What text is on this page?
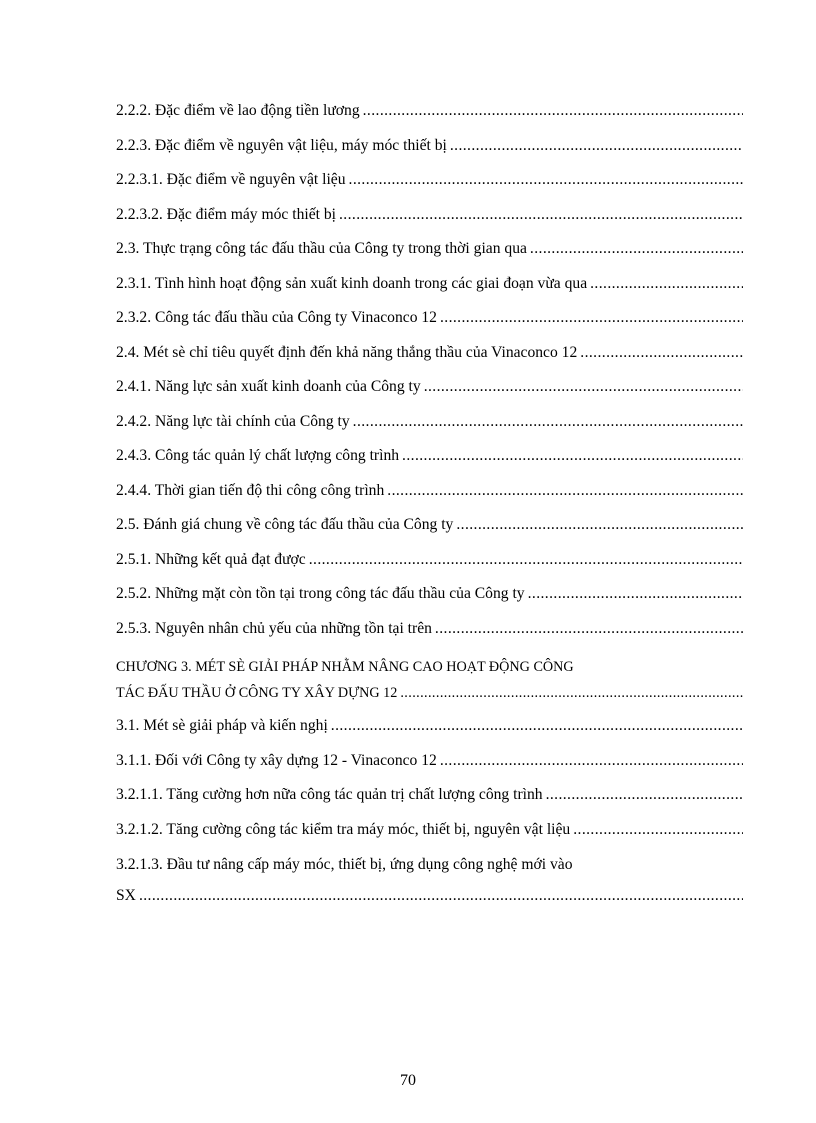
2.2.2. Đặc điểm về lao động tiền lương
.....
2.2.3. Đặc điểm về nguyên vật liệu, máy móc thiết bị
.....
2.2.3.1. Đặc điểm về nguyên vật liệu
.....
2.2.3.2. Đặc điểm máy móc thiết bị
.....
2.3. Thực trạng công tác đấu thầu của Công ty trong thời gian qua
.....
2.3.1. Tình hình hoạt động sản xuất kinh doanh trong các giai đoạn vừa qua
.....
2.3.2. Công tác đấu thầu của Công ty Vinaconco 12
.....
2.4. Mét sè chỉ tiêu quyết định đến khả năng thắng thầu của Vinaconco 12
.....
2.4.1. Năng lực sản xuất kinh doanh của Công ty
.....
2.4.2. Năng lực tài chính của Công ty
.....
2.4.3. Công tác quản lý chất lượng công trình
.....
2.4.4. Thời gian tiến độ thi công công trình
.....
2.5. Đánh giá chung về công tác đấu thầu của Công ty
.....
2.5.1. Những kết quả đạt được
.....
2.5.2. Những mặt còn tồn tại trong công tác đấu thầu của Công ty
.....
2.5.3. Nguyên nhân chủ yếu của những tồn tại trên
.....
CHƯƠNG 3. MÉT SÈ GIẢI PHÁP NHẰM NÂNG CAO HOẠT ĐỘNG CÔNG
TÁC ĐẤU THẦU Ở CÔNG TY XÂY DỰNG 12
.....
3.1. Mét sè giải pháp và kiến nghị
.....
3.1.1. Đối với Công ty xây dựng 12 - Vinaconco 12
.....
3.2.1.1. Tăng cường hơn nữa công tác quản trị chất lượng công trình
.....
3.2.1.2. Tăng cường công tác kiểm tra máy móc, thiết bị, nguyên vật liệu
.....
3.2.1.3. Đầu tư nâng cấp máy móc, thiết bị, ứng dụng công nghệ mới vào
SX
.....
70
